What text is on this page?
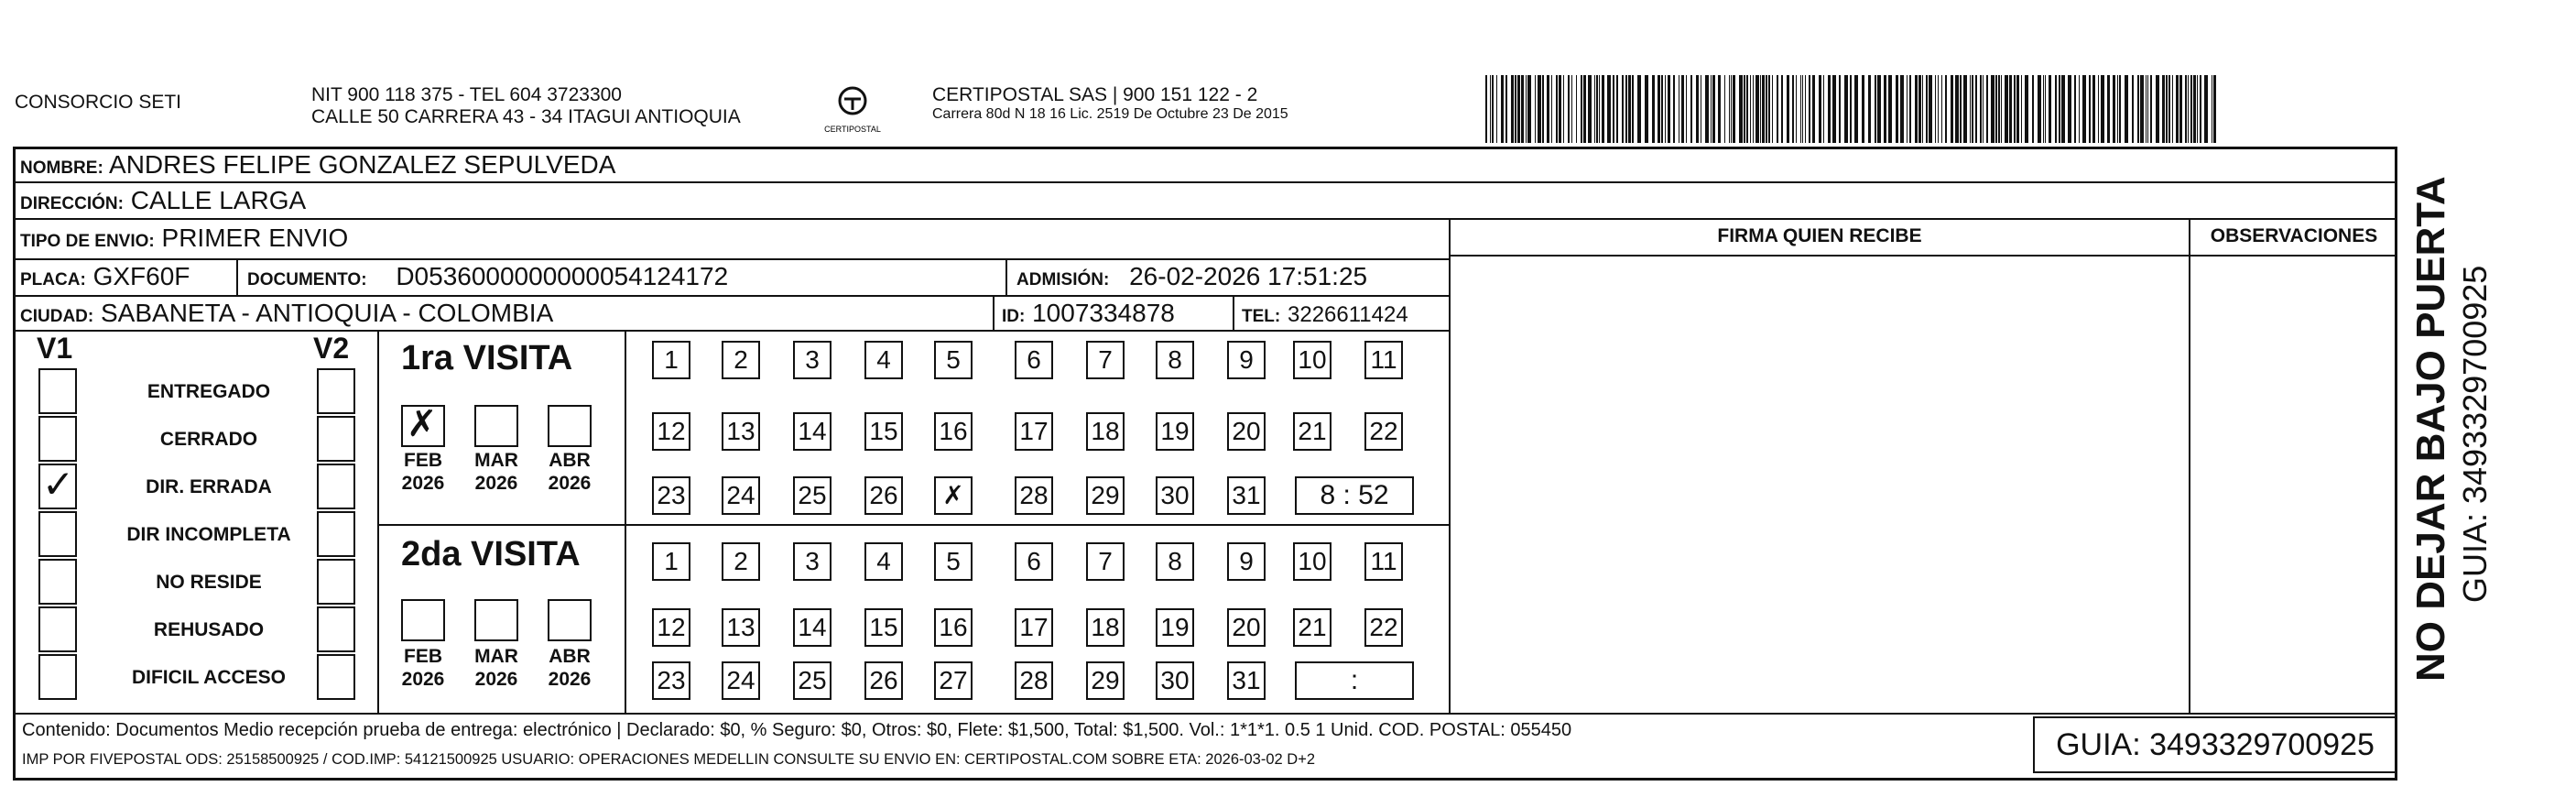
CONSORCIO SETI	NIT 900 118 375 - TEL 604 3723300
CALLE 50 CARRERA 43 - 34 ITAGUI ANTIOQUIA
CERTIPOSTAL
CERTIPOSTAL SAS | 900 151 122 - 2
Carrera 80d N 18 16 Lic. 2519 De Octubre 23 De 2015
NOMBRE: ANDRES FELIPE GONZALEZ SEPULVEDA
DIRECCIÓN: CALLE LARGA
TIPO DE ENVIO: PRIMER ENVIO
PLACA: GXF60F	DOCUMENTO: D0536000000000054124172	ADMISIÓN: 26-02-2026 17:51:25
CIUDAD: SABANETA - ANTIOQUIA - COLOMBIA	ID: 1007334878	TEL: 3226611424
FIRMA QUIEN RECIBE	OBSERVACIONES
V1	V2
ENTREGADO
CERRADO
✓	DIR. ERRADA
DIR INCOMPLETA
NO RESIDE
REHUSADO
DIFICIL ACCESO
1ra VISITA
2da VISITA
✗
FEB
2026
MAR
2026
ABR
2026
FEB
2026
MAR
2026
ABR
2026
1	2	3	4	5	6	7	8	9	10 11
12 13 14 15 16 17 18 19 20 21 22
23 24 25 26	✗	28 29 30 31	8 : 52
1	2	3	4	5	6	7	8	9	10 11
12 13 14 15 16 17 18 19 20 21 22
23 24 25 26 27 28 29 30 31	:
Contenido: Documentos Medio recepción prueba de entrega: electrónico | Declarado: $0, % Seguro: $0, Otros: $0, Flete: $1,500, Total: $1,500. Vol.: 1*1*1. 0.5 1 Unid. COD. POSTAL: 055450
IMP POR FIVEPOSTAL ODS: 25158500925 / COD.IMP: 54121500925 USUARIO: OPERACIONES MEDELLIN CONSULTE SU ENVIO EN: CERTIPOSTAL.COM SOBRE ETA: 2026-03-02 D+2	GUIA: 3493329700925
NO DEJAR BAJO PUERTA GUIA: 3493329700925
